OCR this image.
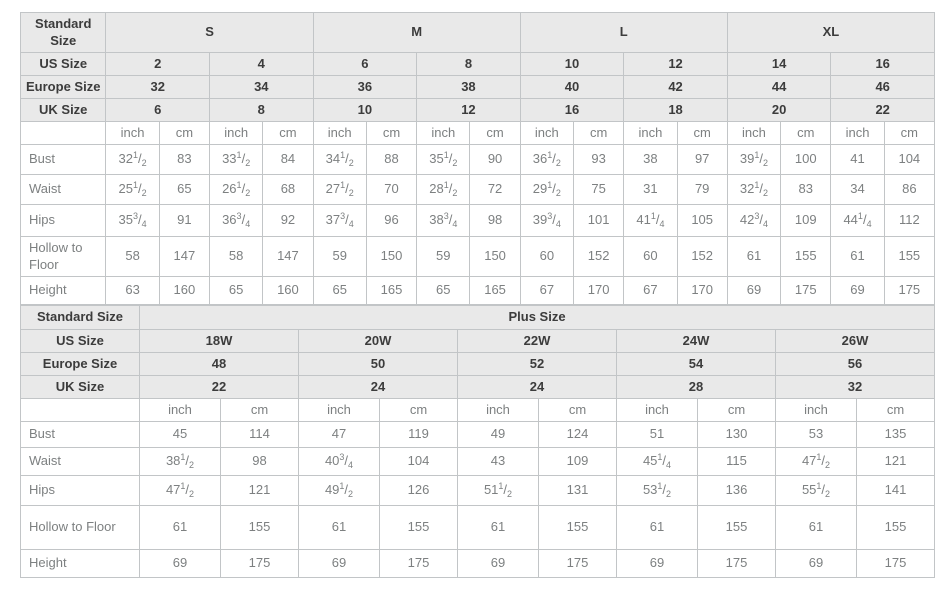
Standard Size	S				M				L				XL			
US Size	2		4		6		8		10		12		14		16	
Europe Size	32		34		36		38		40		42		44		46	
UK Size	6		8		10		12		16		18		20		22	
	inch	cm	inch	cm	inch	cm	inch	cm	inch	cm	inch	cm	inch	cm	inch	cm
Bust	$32^1/_2$	83	$33^1/_2$	84	$34^1/_2$	88	$35^1/_2$	90	$36^1/_2$	93	38	97	$39^1/_2$	100	41	104
Waist	$25^1/_2$	65	$26^1/_2$	68	$27^1/_2$	70	$28^1/_2$	72	$29^1/_2$	75	31	79	$32^1/_2$	83	34	86
Hips	$35^3/_4$	91	$36^3/_4$	92	$37^3/_4$	96	$38^3/_4$	98	$39^3/_4$	101	$41^1/_4$	105	$42^3/_4$	109	$44^1/_4$	112
Hollow to Floor	58	147	58	147	59	150	59	150	60	152	60	152	61	155	61	155
Height	63	160	65	160	65	165	65	165	67	170	67	170	69	175	69	175
Standard Size	Plus Size									
US Size	18W		20W		22W		24W		26W	
Europe Size	48		50		52		54		56	
UK Size	22		24		24		28		32	
	inch	cm	inch	cm	inch	cm	inch	cm	inch	cm
Bust	45	114	47	119	49	124	51	130	53	135
Waist	$38^1/_2$	98	$40^3/_4$	104	43	109	$45^1/_4$	115	$47^1/_2$	121
Hips	$47^1/_2$	121	$49^1/_2$	126	$51^1/_2$	131	$53^1/_2$	136	$55^1/_2$	141
Hollow to Floor	61	155	61	155	61	155	61	155	61	155
Height	69	175	69	175	69	175	69	175	69	175
